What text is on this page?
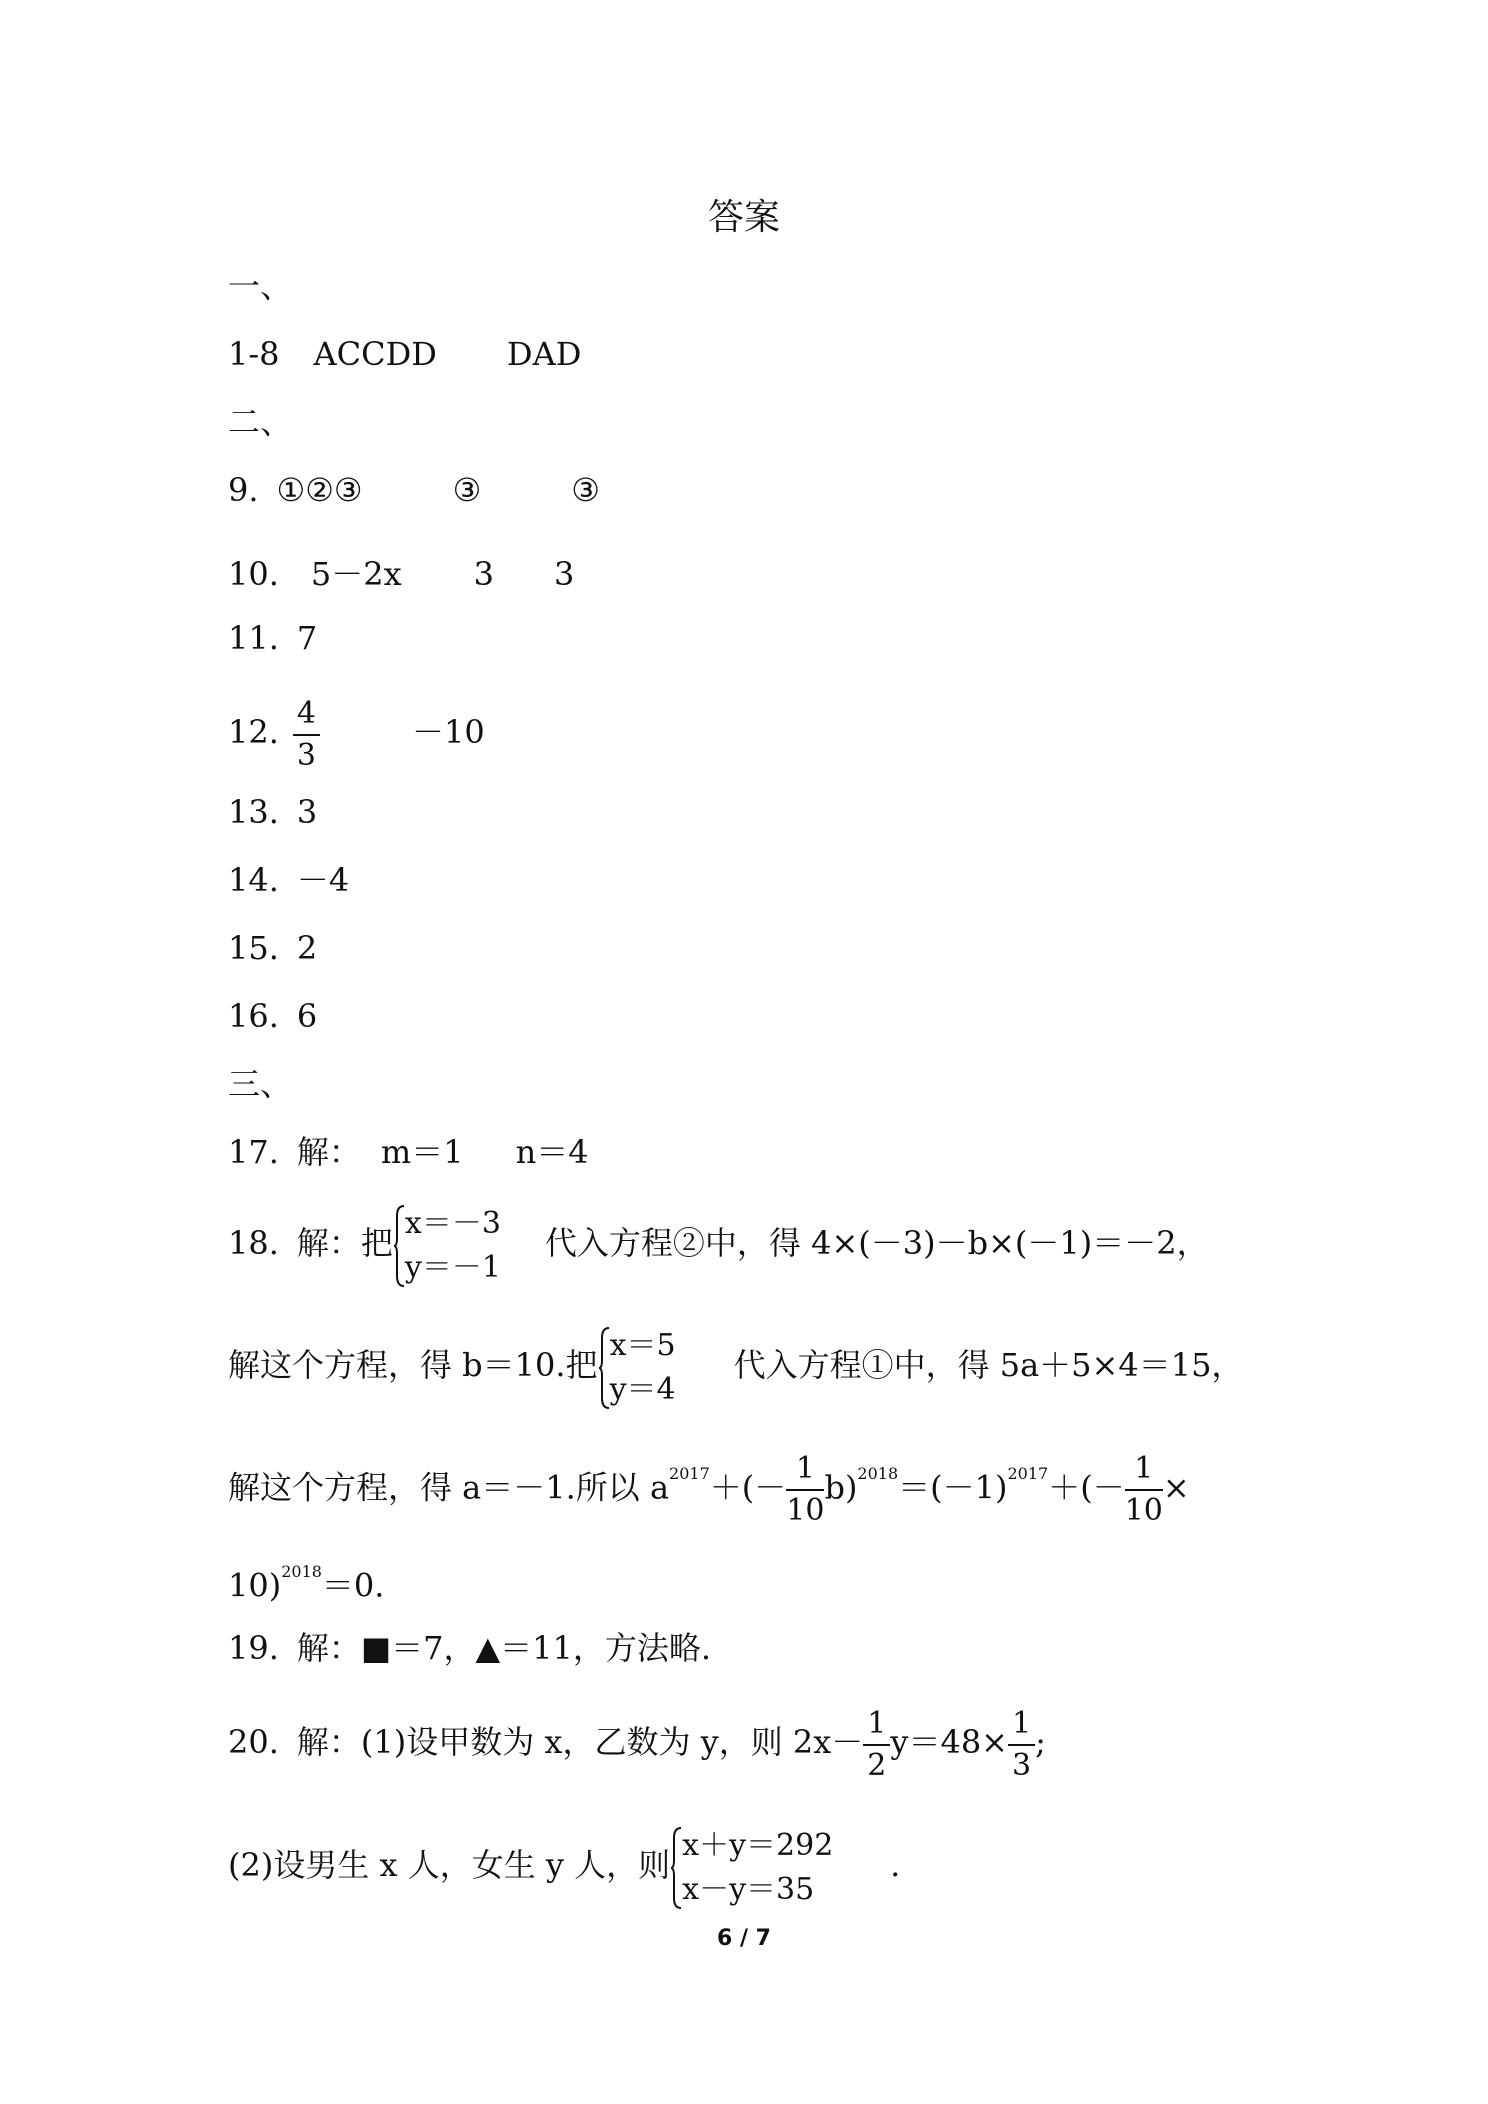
答案
一、
1-8 ACCDD DAD
二、
9. ①②③	③	③
10. 5－2x 3 3
11. 7
12. $\frac{4}{3}$	－10
13. 3
14. －4
15. 2
16. 6
三、
17. 解： m＝1 n＝4
18. 解：把
x＝－3
y＝－1
代入方程②中，得 4×(－3)－b×(－1)＝－2，
解这个方程，得 b＝10.把
x＝5
y＝4
代入方程①中，得 5a＋5×4＝15，
解这个方程，得 a＝－1.所以 $a^{2017}+(- \frac{1}{10} b)^{2018}=(-1)^{2017}+(- \frac{1}{10}$ ×
10)$^{2018}$＝0.
19. 解：■＝7，▲＝11，方法略.
20. 解：(1)设甲数为 x，乙数为 y，则 $2x- \frac{1}{2} y=48\times \frac{1}{3}$ ;
(2)设男生 x 人，女生 y 人，则
x＋y＝292
x－y＝35
.
6 / 7
